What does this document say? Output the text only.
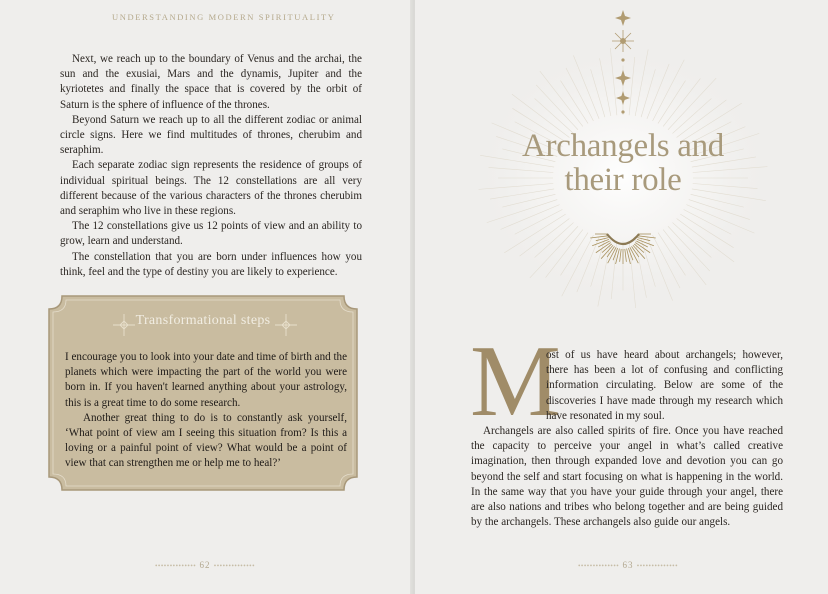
UNDERSTANDING MODERN SPIRITUALITY

Next, we reach up to the boundary of Venus and the archai, the sun and the exusiai, Mars and the dynamis, Jupiter and the kyriotetes and finally the space that is covered by the orbit of Saturn is the sphere of influence of the thrones.

Beyond Saturn we reach up to all the different zodiac or animal circle signs. Here we find multitudes of thrones, cherubim and seraphim.

Each separate zodiac sign represents the residence of groups of individual spiritual beings. The 12 constellations are all very different because of the various characters of the thrones cherubim and seraphim who live in these regions.

The 12 constellations give us 12 points of view and an ability to grow, learn and understand.

The constellation that you are born under influences how you think, feel and the type of destiny you are likely to experience.

Transformational steps

I encourage you to look into your date and time of birth and the planets which were impacting the part of the world you were born in. If you haven't learned anything about your astrology, this is a great time to do some research.

Another great thing to do is to constantly ask yourself, ‘What point of view am I seeing this situation from? Is this a loving or a painful point of view? What would be a point of view that can strengthen me or help me to heal?’

•••••••••••••• 62 ••••••••••••••
Archangels and
their role
M

ost of us have heard about archangels; however, there has been a lot of confusing and conflicting information circulating. Below are some of the discoveries I have made through my research which have resonated in my soul.

Archangels are also called spirits of fire. Once you have reached the capacity to perceive your angel in what’s called creative imagination, then through expanded love and devotion you can go beyond the self and start focusing on what is happening in the world. In the same way that you have your guide through your angel, there are also nations and tribes who belong together and are being guided by the archangels. These archangels also guide our angels.

•••••••••••••• 63 ••••••••••••••
